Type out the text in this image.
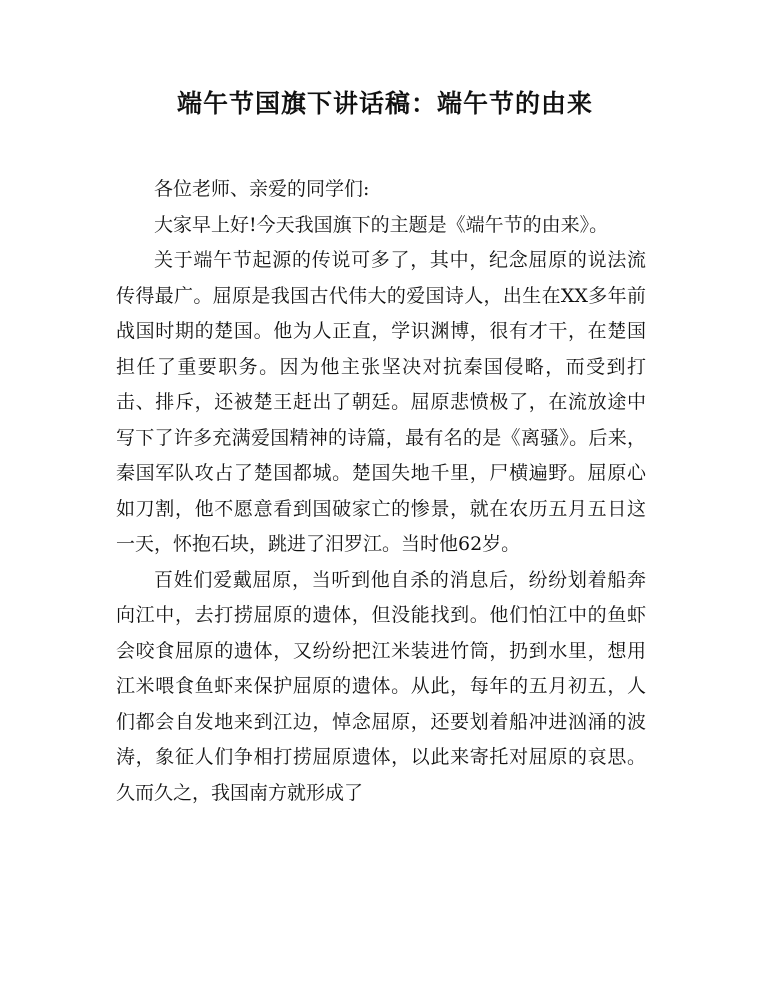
端午节国旗下讲话稿：端午节的由来

各位老师、亲爱的同学们:

大家早上好!今天我国旗下的主题是《端午节的由来》。

关于端午节起源的传说可多了，其中，纪念屈原的说法流传得最广。屈原是我国古代伟大的爱国诗人，出生在XX多年前战国时期的楚国。他为人正直，学识渊博，很有才干，在楚国担任了重要职务。因为他主张坚决对抗秦国侵略，而受到打击、排斥，还被楚王赶出了朝廷。屈原悲愤极了，在流放途中写下了许多充满爱国精神的诗篇，最有名的是《离骚》。后来，秦国军队攻占了楚国都城。楚国失地千里，尸横遍野。屈原心如刀割，他不愿意看到国破家亡的惨景，就在农历五月五日这一天，怀抱石块，跳进了汨罗江。当时他62岁。

百姓们爱戴屈原，当听到他自杀的消息后，纷纷划着船奔向江中，去打捞屈原的遗体，但没能找到。他们怕江中的鱼虾会咬食屈原的遗体，又纷纷把江米装进竹筒，扔到水里，想用江米喂食鱼虾来保护屈原的遗体。从此，每年的五月初五，人们都会自发地来到江边，悼念屈原，还要划着船冲进汹涌的波涛，象征人们争相打捞屈原遗体，以此来寄托对屈原的哀思。久而久之，我国南方就形成了
